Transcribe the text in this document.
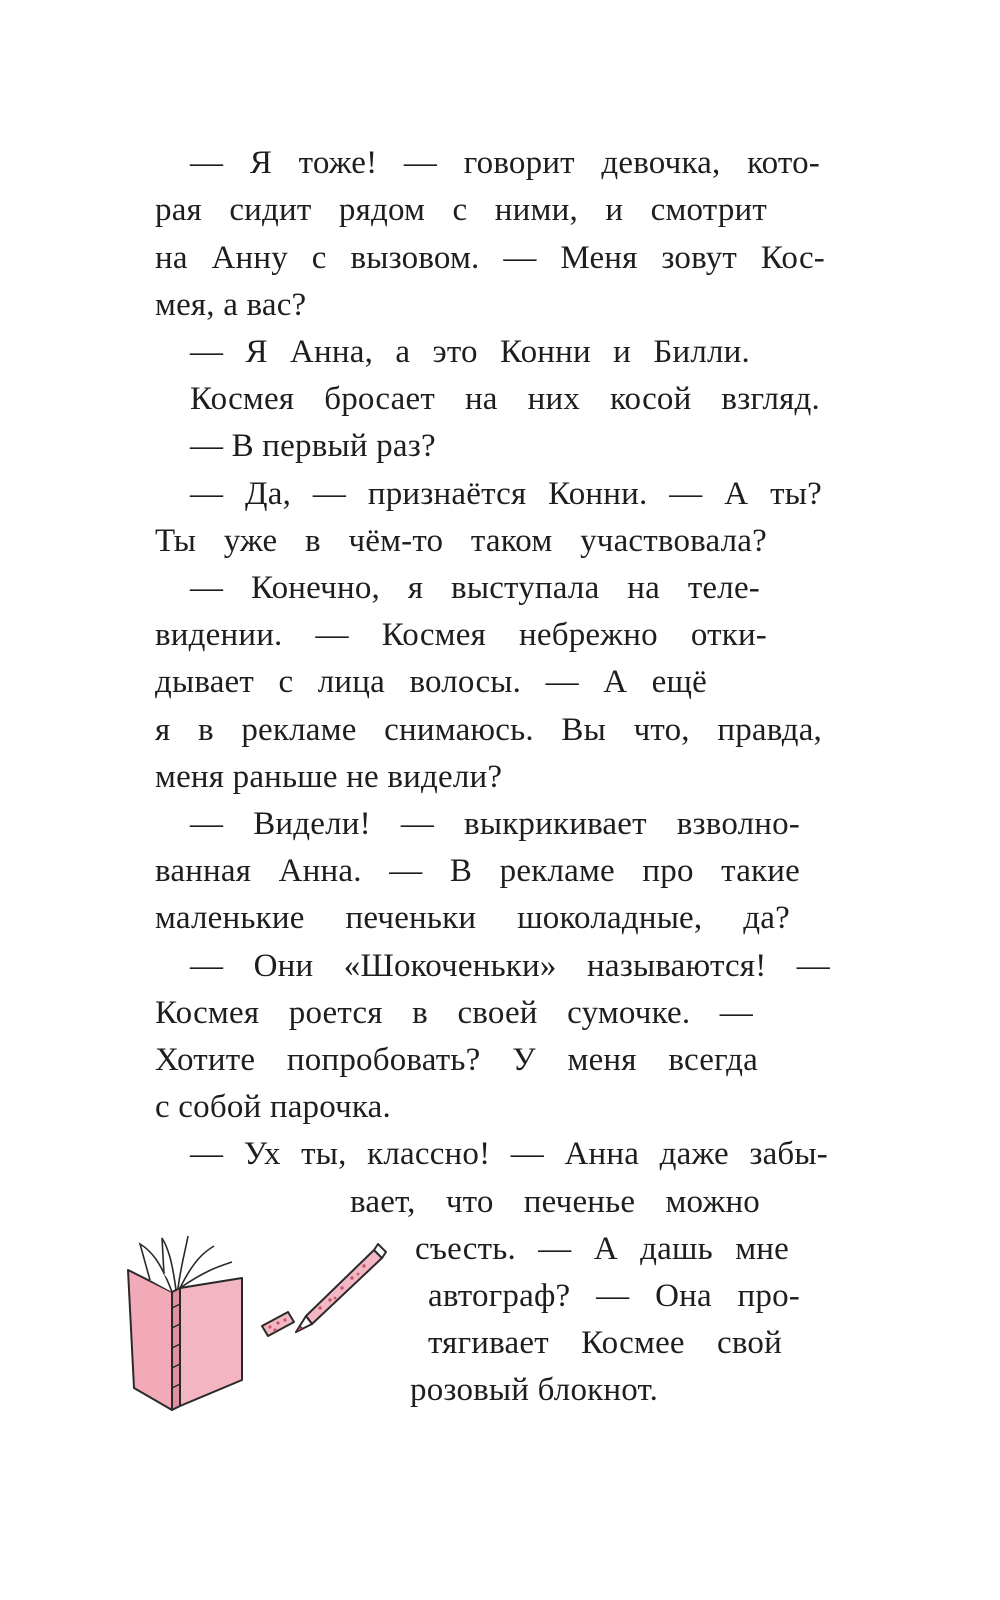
— Я тоже! — говорит девочка, кото-
рая сидит рядом с ними, и смотрит
на Анну с вызовом. — Меня зовут Кос-
мея, а вас?
— Я Анна, а это Конни и Билли.
Космея бросает на них косой взгляд.
— В первый раз?
— Да, — признаётся Конни. — А ты?
Ты уже в чём-то таком участвовала?
— Конечно, я выступала на теле-
видении. — Космея небрежно отки-
дывает с лица волосы. — А ещё
я в рекламе снимаюсь. Вы что, правда,
меня раньше не видели?
— Видели! — выкрикивает взволно-
ванная Анна. — В рекламе про такие
маленькие печеньки шоколадные, да?
— Они «Шокоченьки» называются! —
Космея роется в своей сумочке. —
Хотите попробовать? У меня всегда
с собой парочка.
— Ух ты, классно! — Анна даже забы-
вает, что печенье можно
съесть. — А дашь мне
автограф? — Она про-
тягивает Космее свой
розовый блокнот.
